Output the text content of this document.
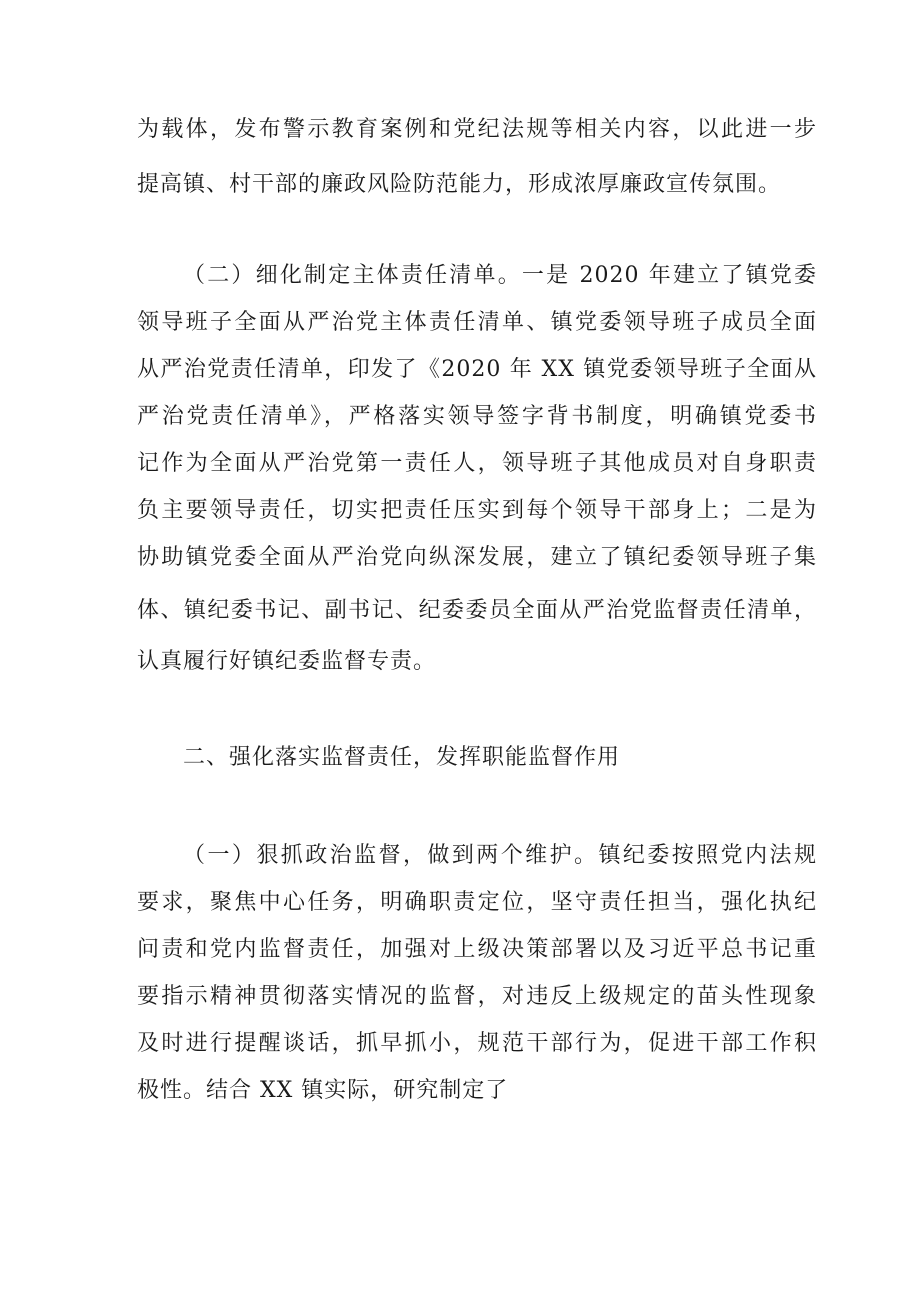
为载体，发布警示教育案例和党纪法规等相关内容，以此进一步
提高镇、村干部的廉政风险防范能力，形成浓厚廉政宣传氛围。
（二）细化制定主体责任清单。一是 2020 年建立了镇党委
领导班子全面从严治党主体责任清单、镇党委领导班子成员全面
从严治党责任清单，印发了《2020 年 XX 镇党委领导班子全面从
严治党责任清单》，严格落实领导签字背书制度，明确镇党委书
记作为全面从严治党第一责任人，领导班子其他成员对自身职责
负主要领导责任，切实把责任压实到每个领导干部身上；二是为
协助镇党委全面从严治党向纵深发展，建立了镇纪委领导班子集
体、镇纪委书记、副书记、纪委委员全面从严治党监督责任清单，
认真履行好镇纪委监督专责。
二、强化落实监督责任，发挥职能监督作用
（一）狠抓政治监督，做到两个维护。镇纪委按照党内法规
要求，聚焦中心任务，明确职责定位，坚守责任担当，强化执纪
问责和党内监督责任，加强对上级决策部署以及习近平总书记重
要指示精神贯彻落实情况的监督，对违反上级规定的苗头性现象
及时进行提醒谈话，抓早抓小，规范干部行为，促进干部工作积
极性。结合 XX 镇实际，研究制定了
